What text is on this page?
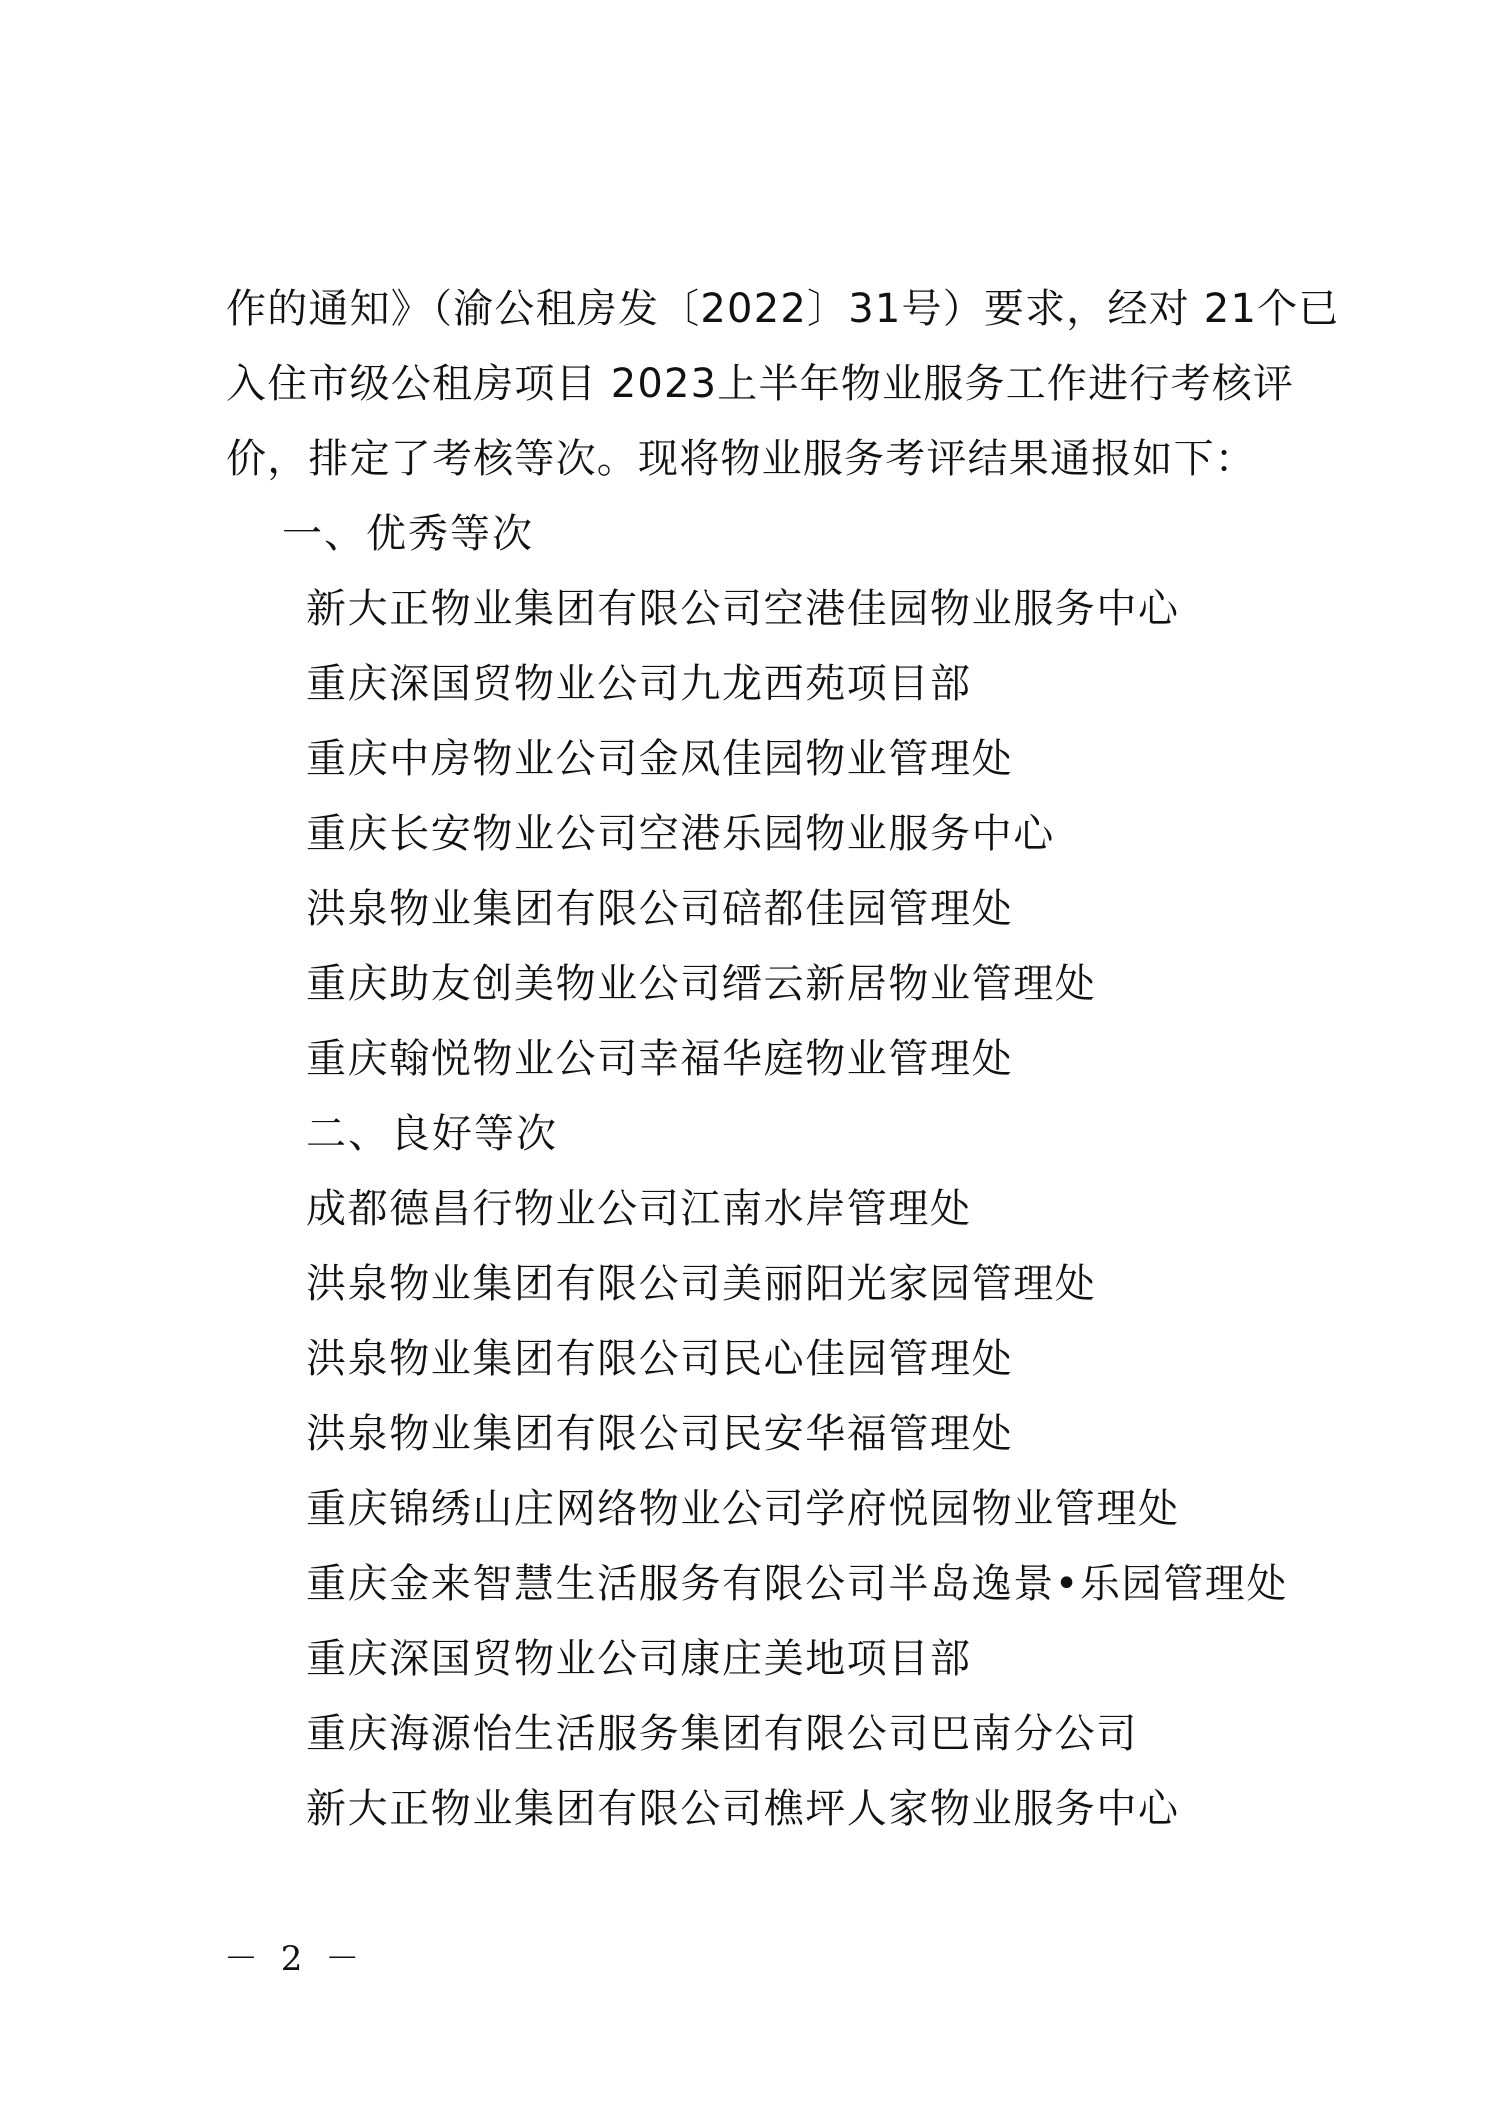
作的通知》（渝公租房发〔2022〕31号）要求，经对 21个已
入住市级公租房项目 2023上半年物业服务工作进行考核评
价，排定了考核等次。现将物业服务考评结果通报如下：
一、优秀等次
新大正物业集团有限公司空港佳园物业服务中心
重庆深国贸物业公司九龙西苑项目部
重庆中房物业公司金凤佳园物业管理处
重庆长安物业公司空港乐园物业服务中心
洪泉物业集团有限公司碚都佳园管理处
重庆助友创美物业公司缙云新居物业管理处
重庆翰悦物业公司幸福华庭物业管理处
二、良好等次
成都德昌行物业公司江南水岸管理处
洪泉物业集团有限公司美丽阳光家园管理处
洪泉物业集团有限公司民心佳园管理处
洪泉物业集团有限公司民安华福管理处
重庆锦绣山庄网络物业公司学府悦园物业管理处
重庆金来智慧生活服务有限公司半岛逸景•乐园管理处
重庆深国贸物业公司康庄美地项目部
重庆海源怡生活服务集团有限公司巴南分公司
新大正物业集团有限公司樵坪人家物业服务中心
－ 2 －
